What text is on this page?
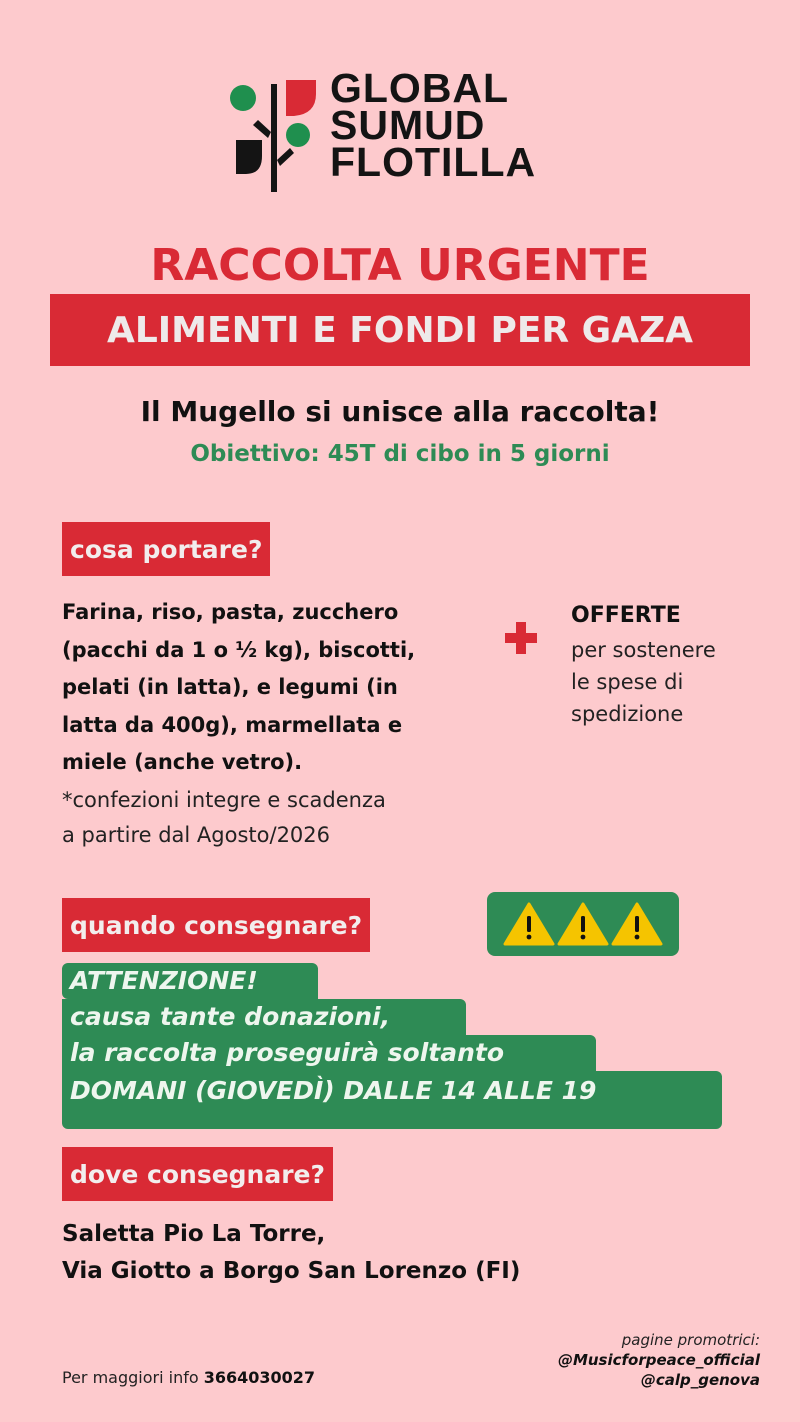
GLOBAL
SUMUD
FLOTILLA
RACCOLTA URGENTE
ALIMENTI E FONDI PER GAZA
Il Mugello si unisce alla raccolta!
Obiettivo: 45T di cibo in 5 giorni
cosa portare?
Farina, riso, pasta, zucchero
(pacchi da 1 o ½ kg), biscotti,
pelati (in latta), e legumi (in
latta da 400g), marmellata e
miele (anche vetro).
*confezioni integre e scadenza
a partire dal Agosto/2026
OFFERTE
per sostenere
le spese di
spedizione
quando consegnare?
ATTENZIONE!
causa tante donazioni,
la raccolta proseguirà soltanto
DOMANI (GIOVEDÌ) DALLE 14 ALLE 19
dove consegnare?
Saletta Pio La Torre,
Via Giotto a Borgo San Lorenzo (FI)
Per maggiori info 3664030027
pagine promotrici:
@Musicforpeace_official
@calp_genova
